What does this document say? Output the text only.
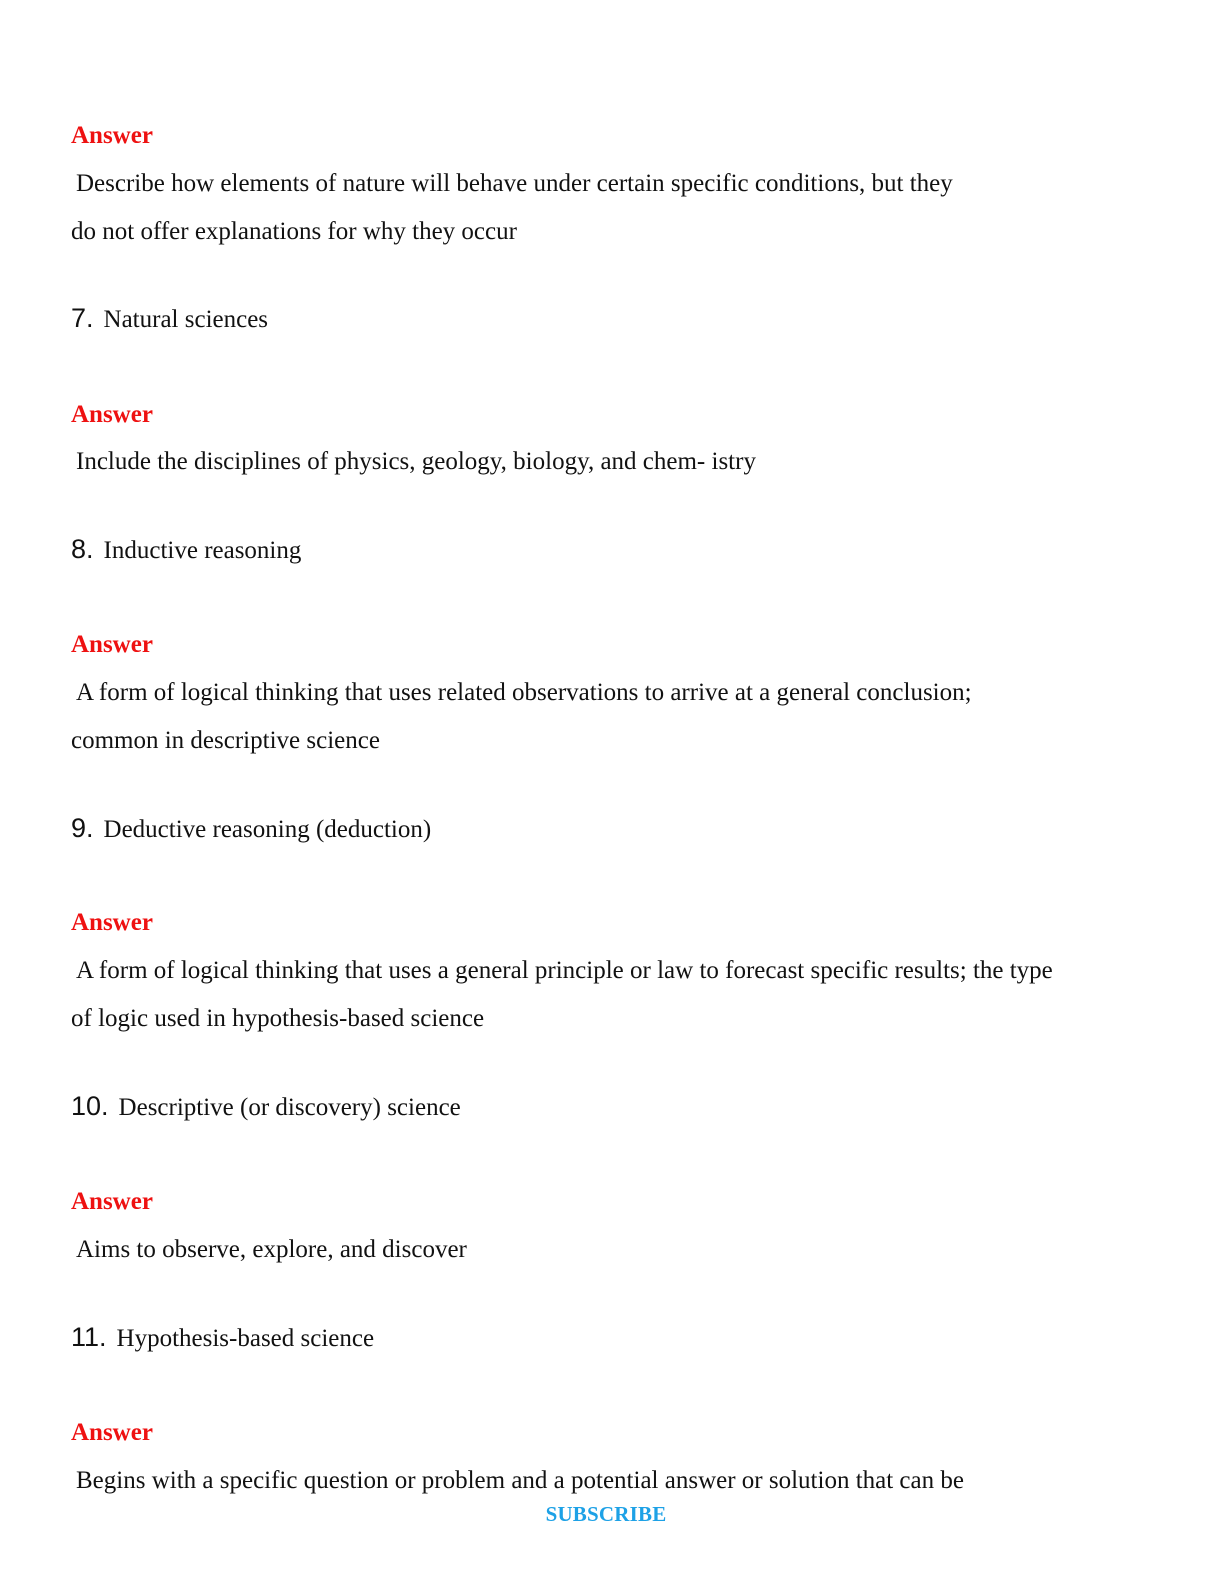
Answer
Describe how elements of nature will behave under certain specific conditions, but they
do not offer explanations for why they occur
7. Natural sciences
Answer
Include the disciplines of physics, geology, biology, and chem- istry
8. Inductive reasoning
Answer
A form of logical thinking that uses related observations to arrive at a general conclusion;
common in descriptive science
9. Deductive reasoning (deduction)
Answer
A form of logical thinking that uses a general principle or law to forecast specific results; the type
of logic used in hypothesis-based science
10. Descriptive (or discovery) science
Answer
Aims to observe, explore, and discover
11. Hypothesis-based science
Answer
Begins with a specific question or problem and a potential answer or solution that can be
SUBSCRIBE
